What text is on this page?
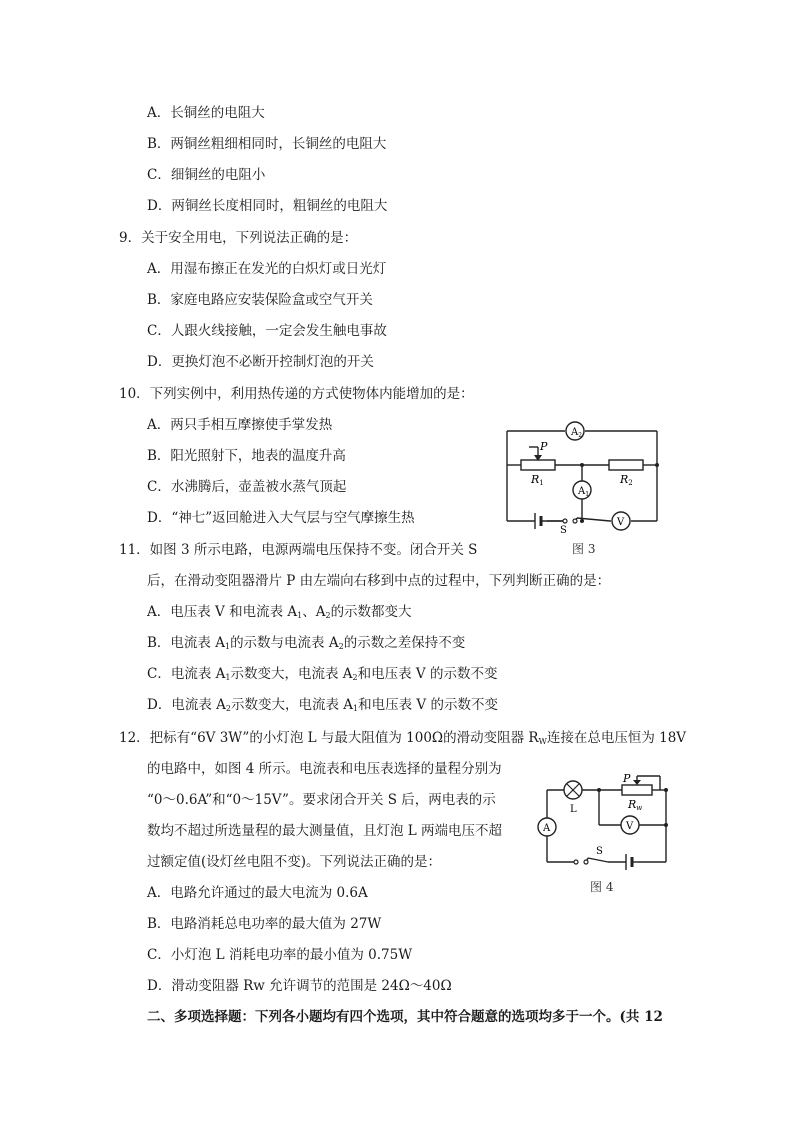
A．长铜丝的电阻大
B．两铜丝粗细相同时，长铜丝的电阻大
C．细铜丝的电阻小
D．两铜丝长度相同时，粗铜丝的电阻大
9．关于安全用电，下列说法正确的是：
A．用湿布擦正在发光的白炽灯或日光灯
B．家庭电路应安装保险盒或空气开关
C．人跟火线接触，一定会发生触电事故
D．更换灯泡不必断开控制灯泡的开关
10．下列实例中，利用热传递的方式使物体内能增加的是：
A．两只手相互摩擦使手掌发热
B．阳光照射下，地表的温度升高
C．水沸腾后，壶盖被水蒸气顶起
D．“神七”返回舱进入大气层与空气摩擦生热
$A_2$
$A_1$
V
P
R1	R2
S
图 3
11．如图 3 所示电路，电源两端电压保持不变。闭合开关 S
后，在滑动变阻器滑片 P 由左端向右移到中点的过程中，下列判断正确的是：
A．电压表 V 和电流表 $A_1$、$A_2$的示数都变大
B．电流表 $A_1$的示数与电流表 $A_2$的示数之差保持不变
C．电流表 $A_1$示数变大，电流表 $A_2$和电压表 V 的示数不变
D．电流表 $A_2$示数变大，电流表 $A_1$和电压表 V 的示数不变
12．把标有“6V 3W”的小灯泡 L 与最大阻值为 100Ω的滑动变阻器 $R_W$连接在总电压恒为 18V
的电路中，如图 4 所示。电流表和电压表选择的量程分别为
“0～0.6A”和“0～15V”。要求闭合开关 S 后，两电表的示
数均不超过所选量程的最大测量值，且灯泡 L 两端电压不超
过额定值(设灯丝电阻不变)。下列说法正确的是：
A．电路允许通过的最大电流为 0.6A
B．电路消耗总电功率的最大值为 27W
C．小灯泡 L 消耗电功率的最小值为 0.75W
D．滑动变阻器 Rw 允许调节的范围是 24Ω～40Ω
A	V
L
P
Rw
S
图 4
二、多项选择题：下列各小题均有四个选项，其中符合题意的选项均多于一个。(共 12
